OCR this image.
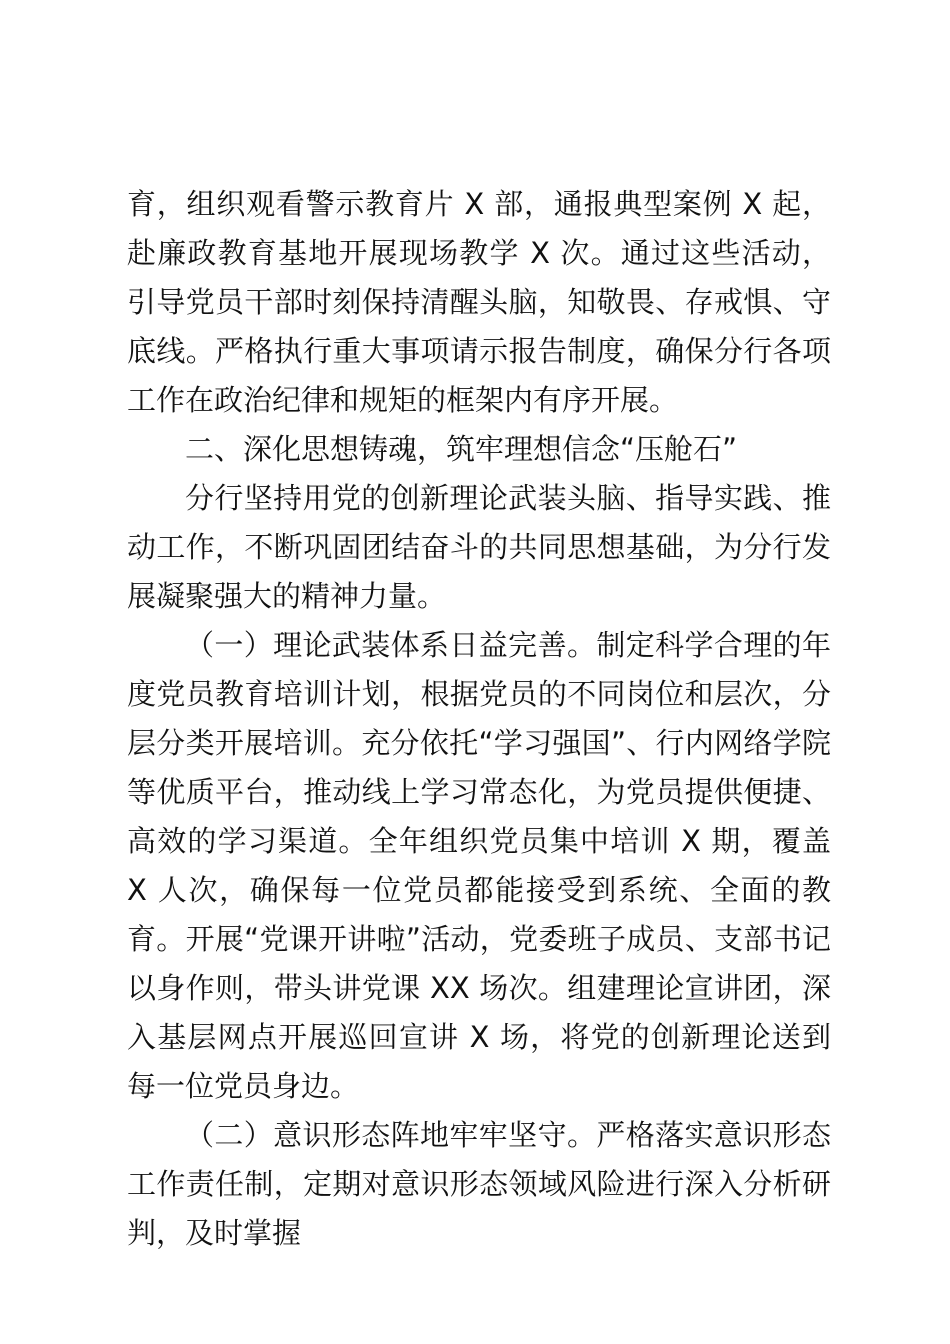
育，组织观看警示教育片 X 部，通报典型案例 X 起，赴廉政教育基地开展现场教学 X 次。通过这些活动，引导党员干部时刻保持清醒头脑，知敬畏、存戒惧、守底线。严格执行重大事项请示报告制度，确保分行各项工作在政治纪律和规矩的框架内有序开展。

二、深化思想铸魂，筑牢理想信念“压舱石”

分行坚持用党的创新理论武装头脑、指导实践、推动工作，不断巩固团结奋斗的共同思想基础，为分行发展凝聚强大的精神力量。

（一）理论武装体系日益完善。制定科学合理的年度党员教育培训计划，根据党员的不同岗位和层次，分层分类开展培训。充分依托“学习强国”、行内网络学院等优质平台，推动线上学习常态化，为党员提供便捷、高效的学习渠道。全年组织党员集中培训 X 期，覆盖 X 人次，确保每一位党员都能接受到系统、全面的教育。开展“党课开讲啦”活动，党委班子成员、支部书记以身作则，带头讲党课 XX 场次。组建理论宣讲团，深入基层网点开展巡回宣讲 X 场，将党的创新理论送到每一位党员身边。

（二）意识形态阵地牢牢坚守。严格落实意识形态工作责任制，定期对意识形态领域风险进行深入分析研判，及时掌握
